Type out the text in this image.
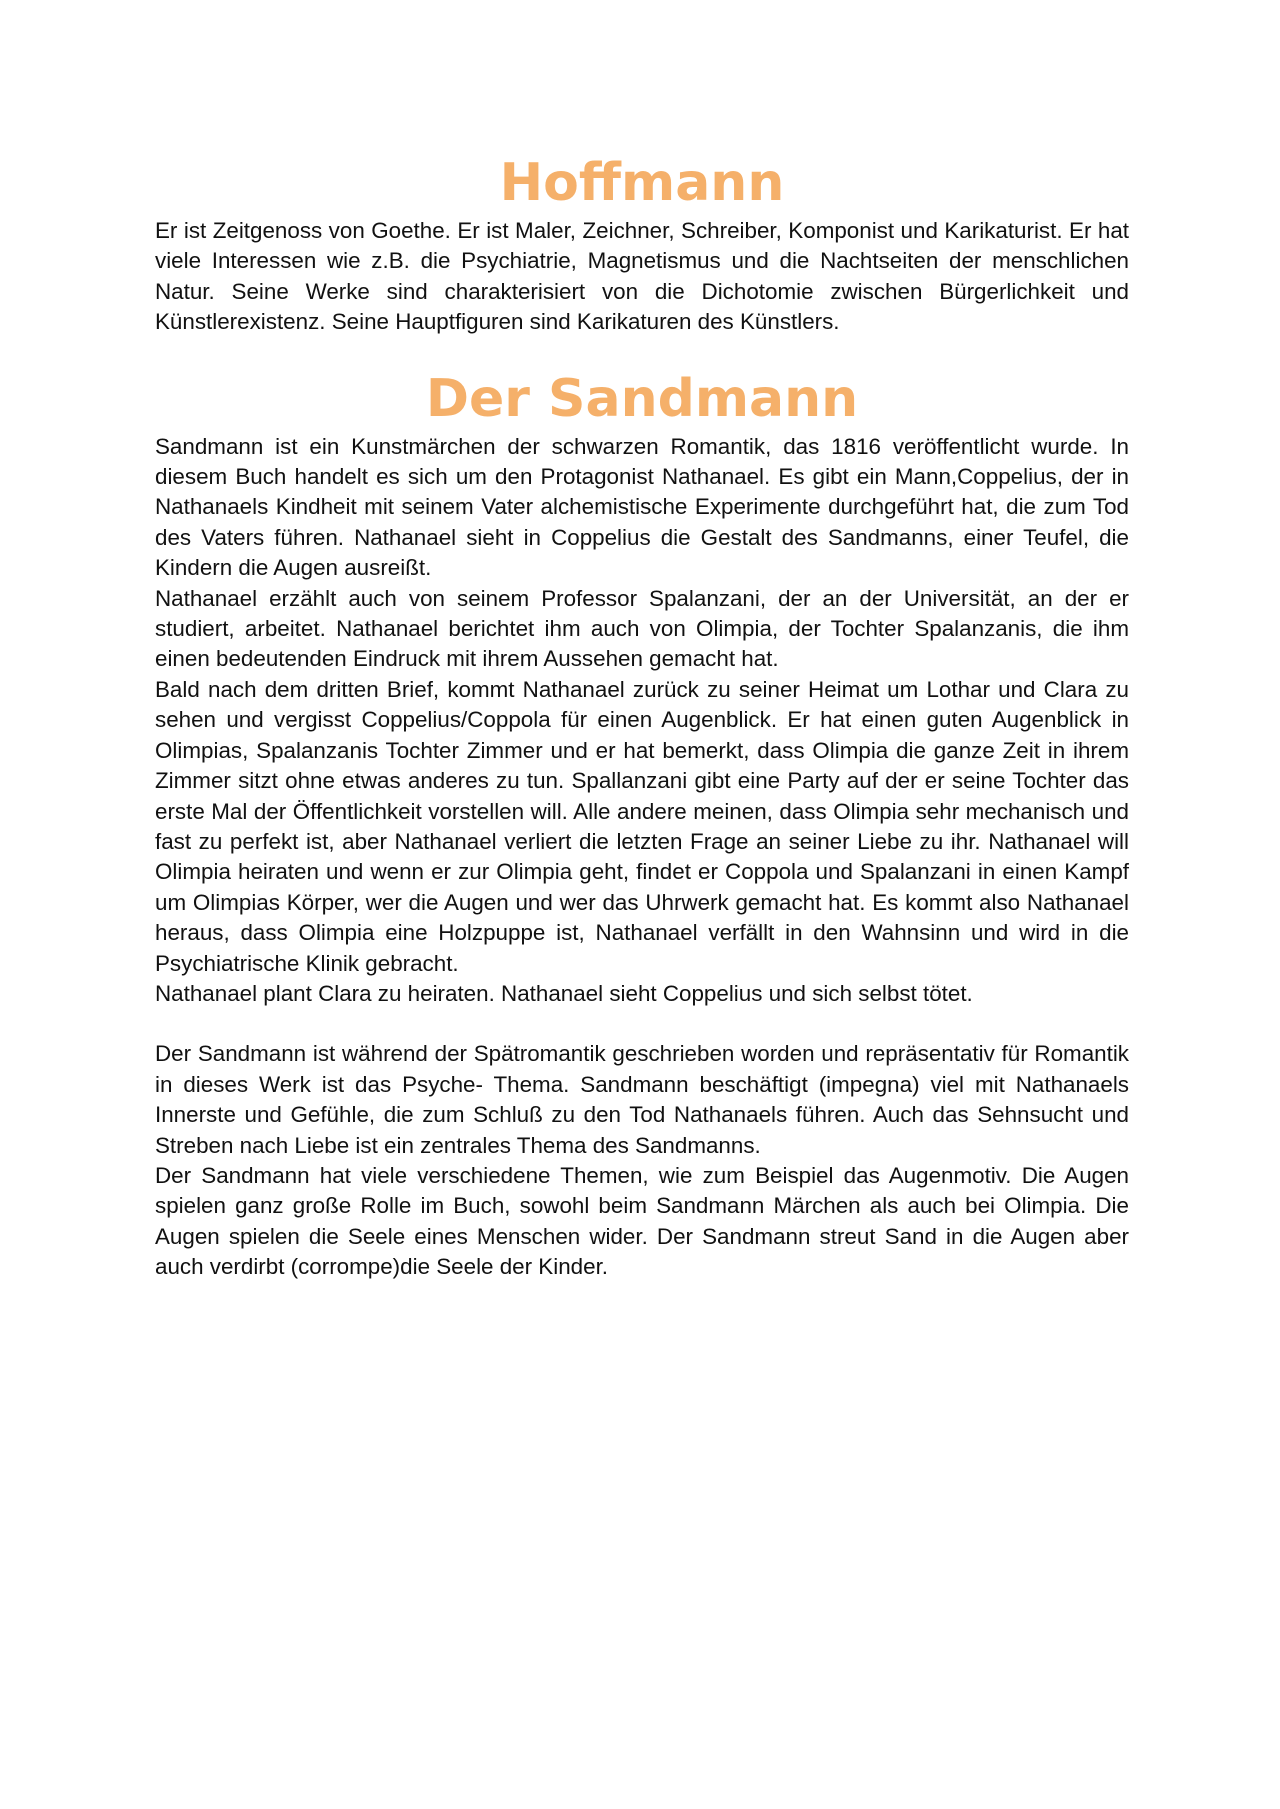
Hoffmann

Er ist Zeitgenoss von Goethe. Er ist Maler, Zeichner, Schreiber, Komponist und Karikaturist. Er hat viele Interessen wie z.B. die Psychiatrie, Magnetismus und die Nachtseiten der menschlichen Natur. Seine Werke sind charakterisiert von die Dichotomie zwischen Bürgerlichkeit und Künstlerexistenz. Seine Hauptfiguren sind Karikaturen des Künstlers.

Der Sandmann

Sandmann ist ein Kunstmärchen der schwarzen Romantik, das 1816 veröffentlicht wurde. In diesem Buch handelt es sich um den Protagonist Nathanael. Es gibt ein Mann,Coppelius, der in Nathanaels Kindheit mit seinem Vater alchemistische Experimente durchgeführt hat, die zum Tod des Vaters führen. Nathanael sieht in Coppelius die Gestalt des Sandmanns, einer Teufel, die Kindern die Augen ausreißt.

Nathanael erzählt auch von seinem Professor Spalanzani, der an der Universität, an der er studiert, arbeitet. Nathanael berichtet ihm auch von Olimpia, der Tochter Spalanzanis, die ihm einen bedeutenden Eindruck mit ihrem Aussehen gemacht hat.

Bald nach dem dritten Brief, kommt Nathanael zurück zu seiner Heimat um Lothar und Clara zu sehen und vergisst Coppelius/Coppola für einen Augenblick. Er hat einen guten Augenblick in Olimpias, Spalanzanis Tochter Zimmer und er hat bemerkt, dass Olimpia die ganze Zeit in ihrem Zimmer sitzt ohne etwas anderes zu tun. Spallanzani gibt eine Party auf der er seine Tochter das erste Mal der Öffentlichkeit vorstellen will. Alle andere meinen, dass Olimpia sehr mechanisch und fast zu perfekt ist, aber Nathanael verliert die letzten Frage an seiner Liebe zu ihr. Nathanael will Olimpia heiraten und wenn er zur Olimpia geht, findet er Coppola und Spalanzani in einen Kampf um Olimpias Körper, wer die Augen und wer das Uhrwerk gemacht hat. Es kommt also Nathanael heraus, dass Olimpia eine Holzpuppe ist, Nathanael verfällt in den Wahnsinn und wird in die Psychiatrische Klinik gebracht.

Nathanael plant Clara zu heiraten. Nathanael sieht Coppelius und sich selbst tötet.

Der Sandmann ist während der Spätromantik geschrieben worden und repräsentativ für Romantik in dieses Werk ist das Psyche- Thema. Sandmann beschäftigt (impegna) viel mit Nathanaels Innerste und Gefühle, die zum Schluß zu den Tod Nathanaels führen. Auch das Sehnsucht und Streben nach Liebe ist ein zentrales Thema des Sandmanns.

Der Sandmann hat viele verschiedene Themen, wie zum Beispiel das Augenmotiv. Die Augen spielen ganz große Rolle im Buch, sowohl beim Sandmann Märchen als auch bei Olimpia. Die Augen spielen die Seele eines Menschen wider. Der Sandmann streut Sand in die Augen aber auch verdirbt (corrompe)die Seele der Kinder.
